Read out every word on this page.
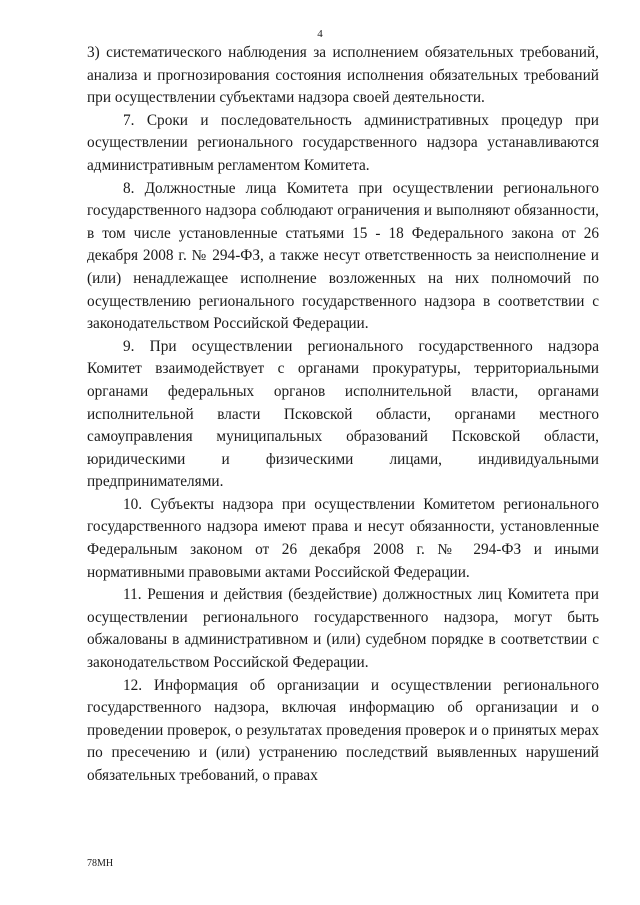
4

3) систематического наблюдения за исполнением обязательных требований, анализа и прогнозирования состояния исполнения обязательных требований при осуществлении субъектами надзора своей деятельности.

7. Сроки и последовательность административных процедур при осуществлении регионального государственного надзора устанавливаются административным регламентом Комитета.

8. Должностные лица Комитета при осуществлении регионального государственного надзора соблюдают ограничения и выполняют обязанности, в том числе установленные статьями 15 - 18 Федерального закона от 26 декабря 2008 г. № 294-ФЗ, а также несут ответственность за неисполнение и (или) ненадлежащее исполнение возложенных на них полномочий по осуществлению регионального государственного надзора в соответствии с законодательством Российской Федерации.

9. При осуществлении регионального государственного надзора Комитет взаимодействует с органами прокуратуры, территориальными органами федеральных органов исполнительной власти, органами исполнительной власти Псковской области, органами местного самоуправления муниципальных образований Псковской области, юридическими и физическими лицами, индивидуальными предпринимателями.

10. Субъекты надзора при осуществлении Комитетом регионального государственного надзора имеют права и несут обязанности, установленные Федеральным законом от 26 декабря 2008 г. № 294-ФЗ и иными нормативными правовыми актами Российской Федерации.

11. Решения и действия (бездействие) должностных лиц Комитета при осуществлении регионального государственного надзора, могут быть обжалованы в административном и (или) судебном порядке в соответствии с законодательством Российской Федерации.

12. Информация об организации и осуществлении регионального государственного надзора, включая информацию об организации и о проведении проверок, о результатах проведения проверок и о принятых мерах по пресечению и (или) устранению последствий выявленных нарушений обязательных требований, о правах

78МН
